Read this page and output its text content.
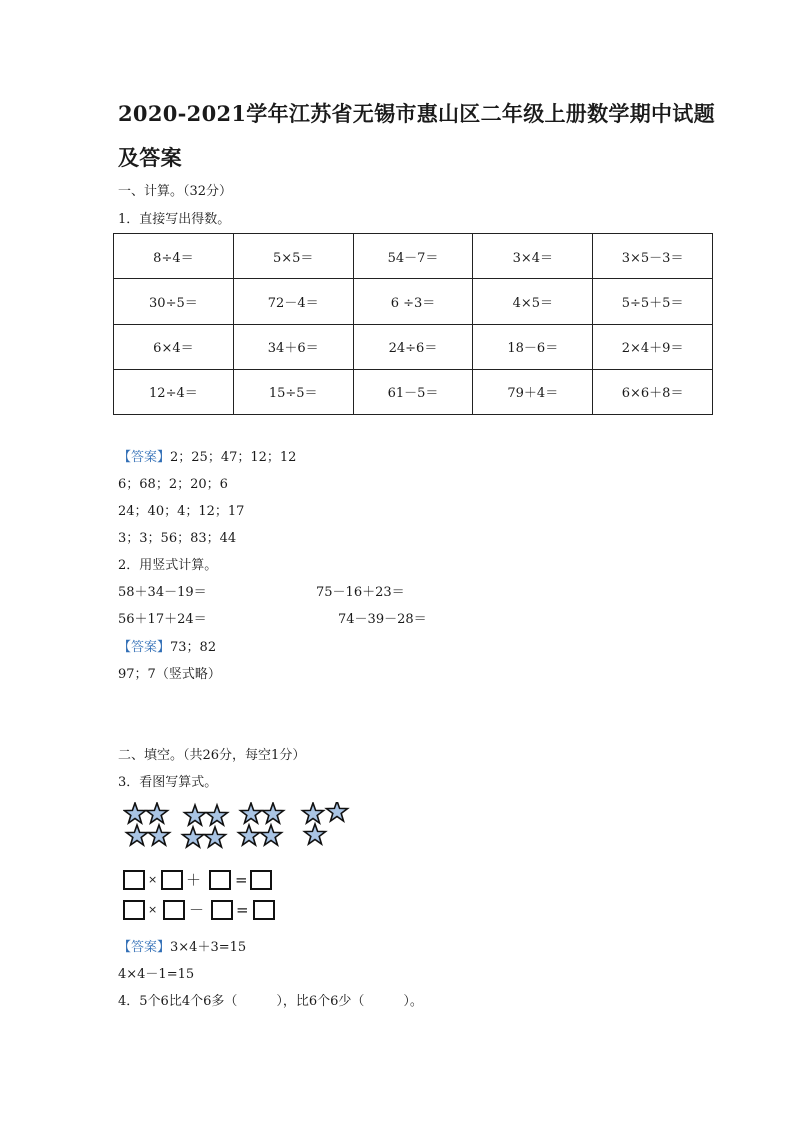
2020-2021学年江苏省无锡市惠山区二年级上册数学期中试题及答案
一、计算。（32分）
1．直接写出得数。
8÷4＝	5×5＝	54－7＝	3×4＝	3×5－3＝
30÷5＝	72－4＝	6 ÷3＝	4×5＝	5÷5＋5＝
6×4＝	34＋6＝	24÷6＝	18－6＝	2×4＋9＝
12÷4＝	15÷5＝	61－5＝	79＋4＝	6×6＋8＝
【答案】2；25；47；12；12
6；68；2；20；6
24；40；4；12；17
3；3；56；83；44
2．用竖式计算。
58＋34－19＝	75－16＋23＝
56＋17＋24＝	74－39－28＝
【答案】73；82
97；7（竖式略）
二、填空。（共26分，每空1分）
3．看图写算式。
× ＋ =
× － =
【答案】3×4＋3=15
4×4－1=15
4．5个6比4个6多（　　　），比6个6少（　　　）。
